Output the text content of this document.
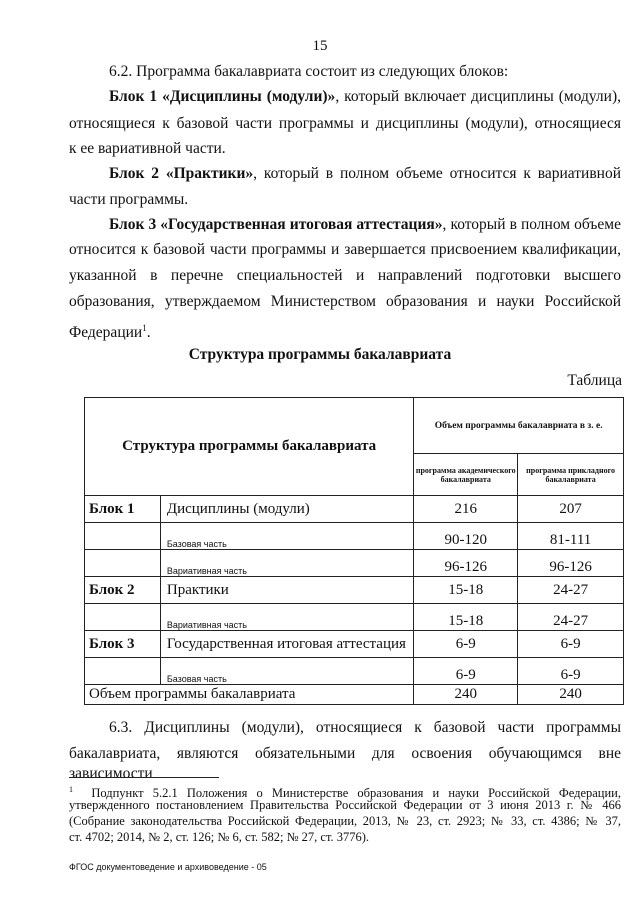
15
6.2. Программа бакалавриата состоит из следующих блоков:
Блок 1 «Дисциплины (модули)», который включает дисциплины (модули),
относящиеся к базовой части программы и дисциплины (модули), относящиеся
к ее вариативной части.
Блок 2 «Практики», который в полном объеме относится к вариативной
части программы.
Блок 3 «Государственная итоговая аттестация», который в полном объеме
относится к базовой части программы и завершается присвоением квалификации,
указанной в перечне специальностей и направлений подготовки высшего
образования, утверждаемом Министерством образования и науки Российской
Федерации$^1$.
Структура программы бакалавриата
Таблица
Структура программы бакалавриата		Объем программы бакалавриата в з. е.	
		программа академического бакалавриата	программа прикладного бакалавриата
Блок 1	Дисциплины (модули)	216	207
	Базовая часть	90-120	81-111
	Вариативная часть	96-126	96-126
Блок 2	Практики	15-18	24-27
	Вариативная часть	15-18	24-27
Блок 3	Государственная итоговая аттестация	6-9	6-9
	Базовая часть	6-9	6-9
Объем программы бакалавриата		240	240
6.3. Дисциплины (модули), относящиеся к базовой части программы
бакалавриата, являются обязательными для освоения обучающимся вне зависимости
$^1$ Подпункт 5.2.1 Положения о Министерстве образования и науки Российской Федерации,
утвержденного постановлением Правительства Российской Федерации от 3 июня 2013 г. № 466
(Собрание законодательства Российской Федерации, 2013, № 23, ст. 2923; № 33, ст. 4386; № 37,
ст. 4702; 2014, № 2, ст. 126; № 6, ст. 582; № 27, ст. 3776).
ФГОС документоведение и архивоведение - 05
